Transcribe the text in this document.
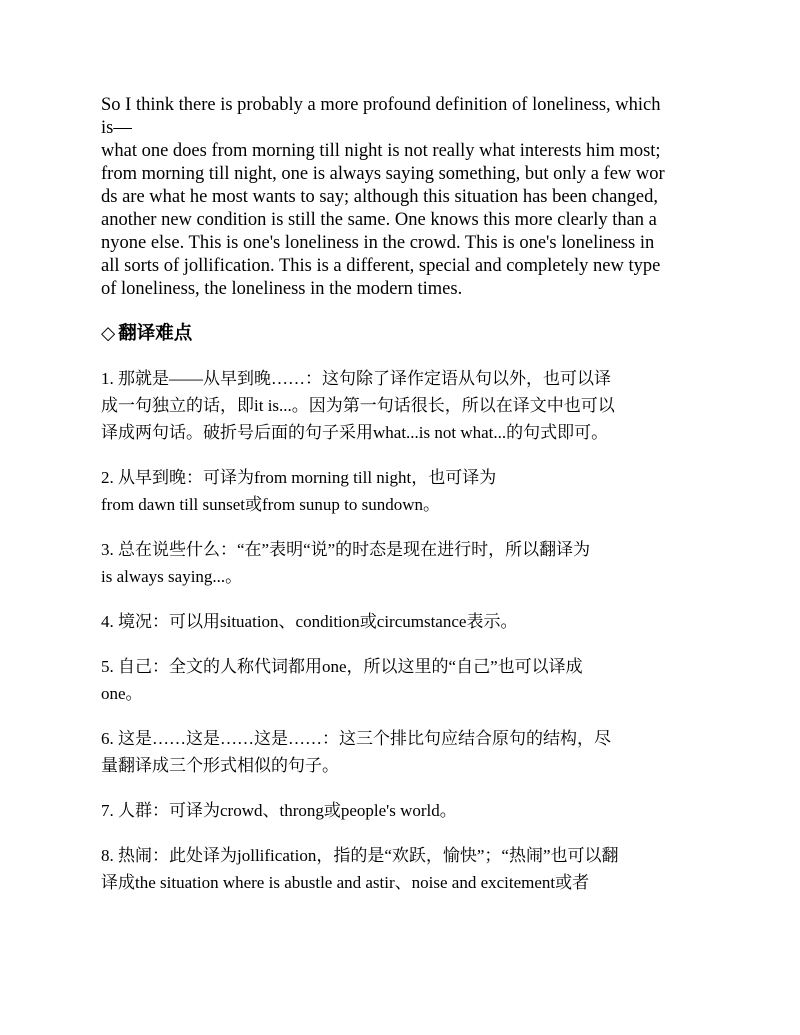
So I think there is probably a more profound definition of loneliness, which
is—
what one does from morning till night is not really what interests him most;
from morning till night, one is always saying something, but only a few wor
ds are what he most wants to say; although this situation has been changed,
another new condition is still the same. One knows this more clearly than a
nyone else. This is one's loneliness in the crowd. This is one's loneliness in
all sorts of jollification. This is a different, special and completely new type
of loneliness, the loneliness in the modern times.

◇ 翻译难点

1. 那就是——从早到晚……：这句除了译作定语从句以外，也可以译
成一句独立的话，即it is...。因为第一句话很长，所以在译文中也可以
译成两句话。破折号后面的句子采用what...is not what...的句式即可。

2. 从早到晚：可译为from morning till night，也可译为
from dawn till sunset或from sunup to sundown。

3. 总在说些什么：“在”表明“说”的时态是现在进行时，所以翻译为
is always saying...。

4. 境况：可以用situation、condition或circumstance表示。

5. 自己：全文的人称代词都用one，所以这里的“自己”也可以译成
one。

6. 这是……这是……这是……：这三个排比句应结合原句的结构，尽
量翻译成三个形式相似的句子。

7. 人群：可译为crowd、throng或people's world。

8. 热闹：此处译为jollification，指的是“欢跃，愉快”；“热闹”也可以翻
译成the situation where is abustle and astir、noise and excitement或者
